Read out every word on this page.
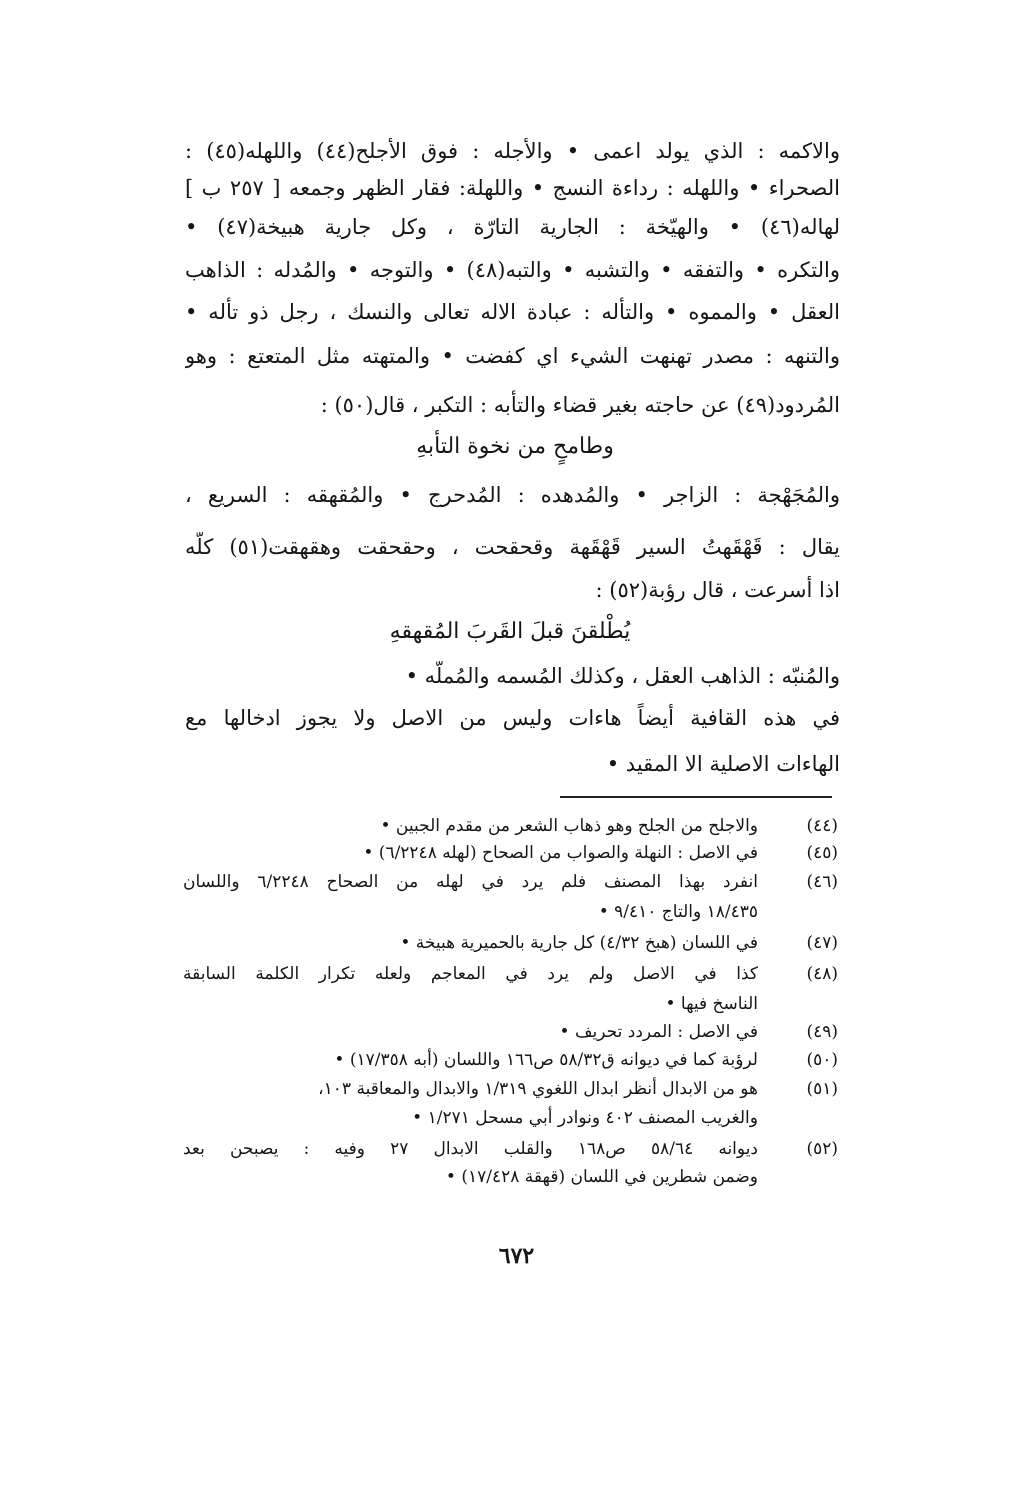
والاكمه : الذي يولد اعمى • والأجله : فوق الأجلح(٤٤) واللهله(٤٥) :
الصحراء • واللهله : رداءة النسج • واللهلة: فقار الظهر وجمعه [ ٢٥٧ ب ]
لهاله(٤٦) • والهيّخة : الجارية التارّة ، وكل جارية هبيخة(٤٧) •
والتكره • والتفقه • والتشبه • والتبه(٤٨) • والتوجه • والمُدله : الذاهب
العقل • والمموه • والتأله : عبادة الاله تعالى والنسك ، رجل ذو تأله •
والتنهه : مصدر تهنهت الشيء اي كفضت • والمتهته مثل المتعتع : وهو
المُردود(٤٩) عن حاجته بغير قضاء والتأبه : التكبر ، قال(٥٠) :
وطامحٍ من نخوة التأبهِ
والمُجَهْجة : الزاجر • والمُدهده : المُدحرج • والمُقهقه : السريع ،
يقال : قَهْقَهتُ السير قَهْقَهة وقحقحت ، وحقحقت وهقهقت(٥١) كلّه
اذا أسرعت ، قال رؤبة(٥٢) :
يُطْلقنَ قبلَ القَربَ المُقهقهِ
والمُنبّه : الذاهب العقل ، وكذلك المُسمه والمُملّه •
في هذه القافية أيضاً هاءات وليس من الاصل ولا يجوز ادخالها مع
الهاءات الاصلية الا المقيد •
(٤٤)
والاجلح من الجلح وهو ذهاب الشعر من مقدم الجبين •
(٤٥)
في الاصل : النهلة والصواب من الصحاح (لهله ٦/٢٢٤٨) •
(٤٦)
انفرد بهذا المصنف فلم يرد في لهله من الصحاح ٦/٢٢٤٨ واللسان
١٨/٤٣٥ والتاج ٩/٤١٠ •
(٤٧)
في اللسان (هبخ ٤/٣٢) كل جارية بالحميرية هبيخة •
(٤٨)
كذا في الاصل ولم يرد في المعاجم ولعله تكرار الكلمة السابقة
الناسخ فيها •
(٤٩)
في الاصل : المردد تحريف •
(٥٠)
لرؤبة كما في ديوانه ق٥٨/٣٢ ص١٦٦ واللسان (أبه ١٧/٣٥٨) •
(٥١)
هو من الابدال أنظر ابدال اللغوي ١/٣١٩ والابدال والمعاقبة ١٠٣،
والغريب المصنف ٤٠٢ ونوادر أبي مسحل ١/٢٧١ •
(٥٢)
ديوانه ٥٨/٦٤ ص١٦٨ والقلب الابدال ٢٧ وفيه : يصبحن بعد
وضمن شطرين في اللسان (قهقة ١٧/٤٢٨) •
٦٧٢
